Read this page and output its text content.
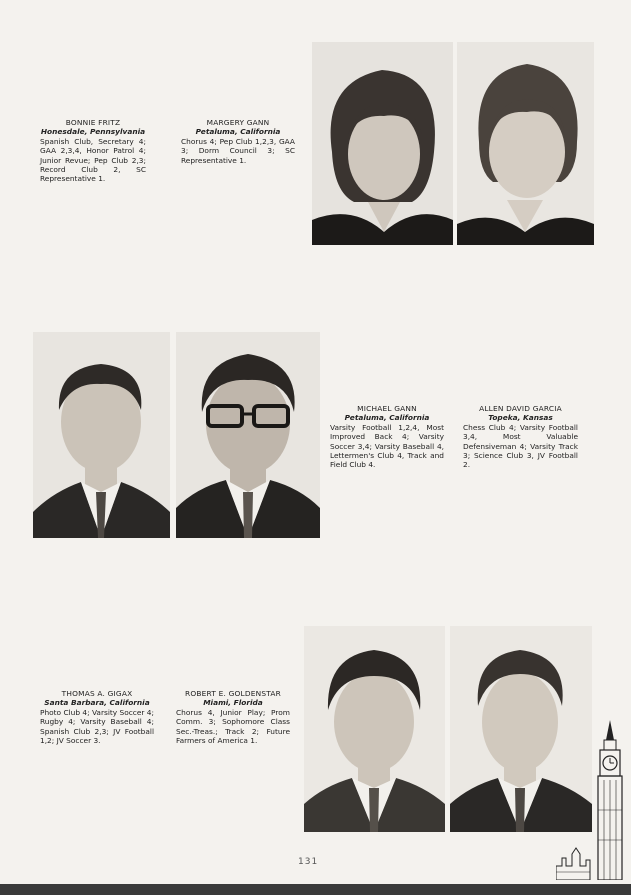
BONNIE FRITZ
Honesdale, Pennsylvania
Spanish Club, Secretary 4; GAA 2,3,4, Honor Patrol 4; Junior Revue; Pep Club 2,3; Record Club 2, SC Representative 1.
MARGERY GANN
Petaluma, California
Chorus 4; Pep Club 1,2,3, GAA 3; Dorm Council 3; SC Representative 1.
MICHAEL GANN
Petaluma, California
Varsity Football 1,2,4, Most Improved Back 4; Varsity Soccer 3,4; Varsity Baseball 4, Lettermen's Club 4, Track and Field Club 4.
ALLEN DAVID GARCIA
Topeka, Kansas
Chess Club 4; Varsity Football 3,4, Most Valuable Defensiveman 4; Varsity Track 3; Science Club 3, JV Football 2.
THOMAS A. GIGAX
Santa Barbara, California
Photo Club 4; Varsity Soccer 4; Rugby 4; Varsity Baseball 4; Spanish Club 2,3; JV Football 1,2; JV Soccer 3.
ROBERT E. GOLDENSTAR
Miami, Florida
Chorus 4, Junior Play; Prom Comm. 3; Sophomore Class Sec.-Treas.; Track 2; Future Farmers of America 1.
131
